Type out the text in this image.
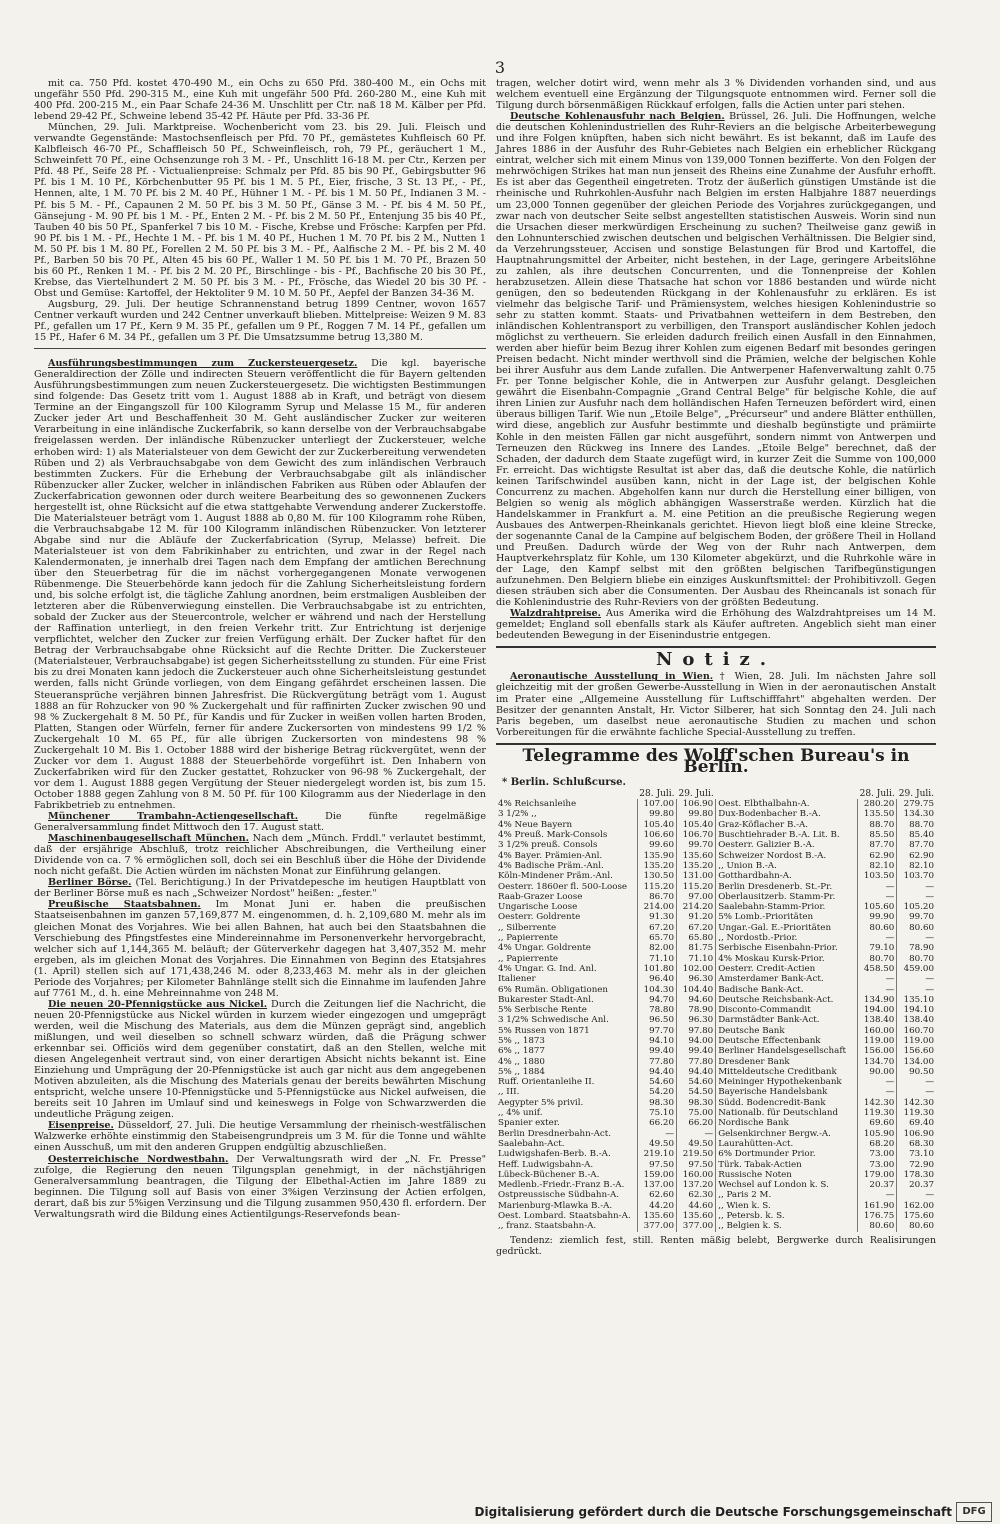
3

mit ca. 750 Pfd. kostet 470-490 M., ein Ochs zu 650 Pfd. 380-400 M., ein Ochs mit ungefähr 550 Pfd. 290-315 M., eine Kuh mit ungefähr 500 Pfd. 260-280 M., eine Kuh mit 400 Pfd. 200-215 M., ein Paar Schafe 24-36 M. Unschlitt per Ctr. naß 18 M. Kälber per Pfd. lebend 29-42 Pf., Schweine lebend 35-42 Pf. Häute per Pfd. 33-36 Pf.

München, 29. Juli. Marktpreise. Wochenbericht vom 23. bis 29. Juli. Fleisch und verwandte Gegenstände: Mastochsenfleisch per Pfd. 70 Pf., gemästetes Kuhfleisch 60 Pf. Kalbfleisch 46-70 Pf., Schaffleisch 50 Pf., Schweinfleisch, roh, 79 Pf., geräuchert 1 M., Schweinfett 70 Pf., eine Ochsenzunge roh 3 M. - Pf., Unschlitt 16-18 M. per Ctr., Kerzen per Pfd. 48 Pf., Seife 28 Pf. - Victualienpreise: Schmalz per Pfd. 85 bis 90 Pf., Gebirgsbutter 96 Pf. bis 1 M. 10 Pf., Körbchenbutter 95 Pf. bis 1 M. 5 Pf., Eier, frische, 3 St. 13 Pf., - Pf., Hennen, alte, 1 M. 70 Pf. bis 2 M. 40 Pf., Hühner 1 M. - Pf. bis 1 M. 50 Pf., Indianen 3 M. - Pf. bis 5 M. - Pf., Capaunen 2 M. 50 Pf. bis 3 M. 50 Pf., Gänse 3 M. - Pf. bis 4 M. 50 Pf., Gänsejung - M. 90 Pf. bis 1 M. - Pf., Enten 2 M. - Pf. bis 2 M. 50 Pf., Entenjung 35 bis 40 Pf., Tauben 40 bis 50 Pf., Spanferkel 7 bis 10 M. - Fische, Krebse und Frösche: Karpfen per Pfd. 90 Pf. bis 1 M. - Pf., Hechte 1 M. - Pf. bis 1 M. 40 Pf., Huchen 1 M. 70 Pf. bis 2 M., Nutten 1 M. 50 Pf. bis 1 M. 80 Pf., Forellen 2 M. 50 Pf. bis 3 M. - Pf., Aalfische 2 M. - Pf. bis 2 M. 40 Pf., Barben 50 bis 70 Pf., Alten 45 bis 60 Pf., Waller 1 M. 50 Pf. bis 1 M. 70 Pf., Brazen 50 bis 60 Pf., Renken 1 M. - Pf. bis 2 M. 20 Pf., Birschlinge - bis - Pf., Bachfische 20 bis 30 Pf., Krebse, das Viertelhundert 2 M. 50 Pf. bis 3 M. - Pf., Frösche, das Wiedel 20 bis 30 Pf. - Obst und Gemüse: Kartoffel, der Hektoliter 9 M. 10 M. 50 Pf., Aepfel der Banzen 34-36 M.

Augsburg, 29. Juli. Der heutige Schrannenstand betrug 1899 Centner, wovon 1657 Centner verkauft wurden und 242 Centner unverkauft blieben. Mittelpreise: Weizen 9 M. 83 Pf., gefallen um 17 Pf., Kern 9 M. 35 Pf., gefallen um 9 Pf., Roggen 7 M. 14 Pf., gefallen um 15 Pf., Hafer 6 M. 34 Pf., gefallen um 3 Pf. Die Umsatzsumme betrug 13,380 M.

Ausführungsbestimmungen zum Zuckersteuergesetz. Die kgl. bayerische Generaldirection der Zölle und indirecten Steuern veröffentlicht die für Bayern geltenden Ausführungsbestimmungen zum neuen Zuckersteuergesetz. Die wichtigsten Bestimmungen sind folgende: Das Gesetz tritt vom 1. August 1888 ab in Kraft, und beträgt von diesem Termine an der Eingangszoll für 100 Kilogramm Syrup und Melasse 15 M., für anderen Zucker jeder Art und Beschaffenheit 30 M. Geht ausländischer Zucker zur weiteren Verarbeitung in eine inländische Zuckerfabrik, so kann derselbe von der Verbrauchsabgabe freigelassen werden. Der inländische Rübenzucker unterliegt der Zuckersteuer, welche erhoben wird: 1) als Materialsteuer von dem Gewicht der zur Zuckerbereitung verwendeten Rüben und 2) als Verbrauchsabgabe von dem Gewicht des zum inländischen Verbrauch bestimmten Zuckers. Für die Erhebung der Verbrauchsabgabe gilt als inländischer Rübenzucker aller Zucker, welcher in inländischen Fabriken aus Rüben oder Ablaufen der Zuckerfabrication gewonnen oder durch weitere Bearbeitung des so gewonnenen Zuckers hergestellt ist, ohne Rücksicht auf die etwa stattgehabte Verwendung anderer Zuckerstoffe. Die Materialsteuer beträgt vom 1. August 1888 ab 0,80 M. für 100 Kilogramm rohe Rüben, die Verbrauchsabgabe 12 M. für 100 Kilogramm inländischen Rübenzucker. Von letzterer Abgabe sind nur die Abläufe der Zuckerfabrication (Syrup, Melasse) befreit. Die Materialsteuer ist von dem Fabrikinhaber zu entrichten, und zwar in der Regel nach Kalendermonaten, je innerhalb drei Tagen nach dem Empfang der amtlichen Berechnung über den Steuerbetrag für die im nächst vorhergegangenen Monate verwogenen Rübenmenge. Die Steuerbehörde kann jedoch für die Zahlung Sicherheitsleistung fordern und, bis solche erfolgt ist, die tägliche Zahlung anordnen, beim erstmaligen Ausbleiben der letzteren aber die Rübenverwiegung einstellen. Die Verbrauchsabgabe ist zu entrichten, sobald der Zucker aus der Steuercontrole, welcher er während und nach der Herstellung der Raffination unterliegt, in den freien Verkehr tritt. Zur Entrichtung ist derjenige verpflichtet, welcher den Zucker zur freien Verfügung erhält. Der Zucker haftet für den Betrag der Verbrauchsabgabe ohne Rücksicht auf die Rechte Dritter. Die Zuckersteuer (Materialsteuer, Verbrauchsabgabe) ist gegen Sicherheitsstellung zu stunden. Für eine Frist bis zu drei Monaten kann jedoch die Zuckersteuer auch ohne Sicherheitsleistung gestundet werden, falls nicht Gründe vorliegen, von dem Eingang gefährdet erscheinen lassen. Die Steueransprüche verjähren binnen Jahresfrist. Die Rückvergütung beträgt vom 1. August 1888 an für Rohzucker von 90 % Zuckergehalt und für raffinirten Zucker zwischen 90 und 98 % Zuckergehalt 8 M. 50 Pf., für Kandis und für Zucker in weißen vollen harten Broden, Platten, Stangen oder Würfeln, ferner für andere Zuckersorten von mindestens 99 1/2 % Zuckergehalt 10 M. 65 Pf., für alle übrigen Zuckersorten von mindestens 98 % Zuckergehalt 10 M. Bis 1. October 1888 wird der bisherige Betrag rückvergütet, wenn der Zucker vor dem 1. August 1888 der Steuerbehörde vorgeführt ist. Den Inhabern von Zuckerfabriken wird für den Zucker gestattet, Rohzucker von 96-98 % Zuckergehalt, der vor dem 1. August 1888 gegen Vergütung der Steuer niedergelegt worden ist, bis zum 15. October 1888 gegen Zahlung von 8 M. 50 Pf. für 100 Kilogramm aus der Niederlage in den Fabrikbetrieb zu entnehmen.

Münchener Trambahn-Actiengesellschaft.	Die fünfte regelmäßige Generalversammlung findet Mittwoch den 17. August statt.

Maschinenbaugesellschaft München. Nach dem „Münch. Frddl." verlautet bestimmt, daß der ersjährige Abschluß, trotz reichlicher Abschreibungen, die Vertheilung einer Dividende von ca. 7 % ermöglichen soll, doch sei ein Beschluß über die Höhe der Dividende noch nicht gefaßt. Die Actien würden im nächsten Monat zur Einführung gelangen.

Berliner Börse. (Tel. Berichtigung.) In der Privatdepesche im heutigen Hauptblatt von der Berliner Börse muß es nach „Schweizer Nordost" heißen: „fester."

Preußische Staatsbahnen. Im Monat Juni er. haben die preußischen Staatseisenbahnen im ganzen 57,169,877 M. eingenommen, d. h. 2,109,680 M. mehr als im gleichen Monat des Vorjahres. Wie bei allen Bahnen, hat auch bei den Staatsbahnen die Verschiebung des Pfingstfestes eine Mindereinnahme im Personenverkehr hervorgebracht, welcher sich auf 1,144,365 M. beläuft; der Güterverkehr dagegen hat 3,407,352 M. mehr ergeben, als im gleichen Monat des Vorjahres. Die Einnahmen von Beginn des Etatsjahres (1. April) stellen sich auf 171,438,246 M. oder 8,233,463 M. mehr als in der gleichen Periode des Vorjahres; per Kilometer Bahnlänge stellt sich die Einnahme im laufenden Jahre auf 7761 M., d. h. eine Mehreinnahme von 248 M.

Die neuen 20-Pfennigstücke aus Nickel. Durch die Zeitungen lief die Nachricht, die neuen 20-Pfennigstücke aus Nickel würden in kurzem wieder eingezogen und umgeprägt werden, weil die Mischung des Materials, aus dem die Münzen geprägt sind, angeblich mißlungen, und weil dieselben so schnell schwarz würden, daß die Prägung schwer erkennbar sei. Officiös wird dem gegenüber constatirt, daß an den Stellen, welche mit diesen Angelegenheit vertraut sind, von einer derartigen Absicht nichts bekannt ist. Eine Einziehung und Umprägung der 20-Pfennigstücke ist auch gar nicht aus dem angegebenen Motiven abzuleiten, als die Mischung des Materials genau der bereits bewährten Mischung entspricht, welche unsere 10-Pfennigstücke und 5-Pfennigstücke aus Nickel aufweisen, die bereits seit 10 Jahren im Umlauf sind und keineswegs in Folge von Schwarzwerden die undeutliche Prägung zeigen.

Eisenpreise. Düsseldorf, 27. Juli. Die heutige Versammlung der rheinisch-westfälischen Walzwerke erhöhte einstimmig den Stabeisengrundpreis um 3 M. für die Tonne und wählte einen Ausschuß, um mit den anderen Gruppen endgültig abzuschließen.

Oesterreichische Nordwestbahn. Der Verwaltungsrath wird der „N. Fr. Presse" zufolge, die Regierung den neuen Tilgungsplan genehmigt, in der nächstjährigen Generalversammlung beantragen, die Tilgung der Elbethal-Actien im Jahre 1889 zu beginnen. Die Tilgung soll auf Basis von einer 3%igen Verzinsung der Actien erfolgen, derart, daß bis zur 5%igen Verzinsung und die Tilgung zusammen 950,430 fl. erfordern. Der Verwaltungsrath wird die Bildung eines Actientilgungs-Reservefonds bean-

tragen, welcher dotirt wird, wenn mehr als 3 % Dividenden vorhanden sind, und aus welchem eventuell eine Ergänzung der Tilgungsquote entnommen wird. Ferner soll die Tilgung durch börsenmäßigen Rückkauf erfolgen, falls die Actien unter pari stehen.

Deutsche Kohlenausfuhr nach Belgien. Brüssel, 26. Juli. Die Hoffnungen, welche die deutschen Kohlenindustriellen des Ruhr-Reviers an die belgische Arbeiterbewegung und ihre Folgen knüpften, haben sich nicht bewährt. Es ist bekannt, daß im Laufe des Jahres 1886 in der Ausfuhr des Ruhr-Gebietes nach Belgien ein erheblicher Rückgang eintrat, welcher sich mit einem Minus von 139,000 Tonnen bezifferte. Von den Folgen der mehrwöchigen Strikes hat man nun jenseit des Rheins eine Zunahme der Ausfuhr erhofft. Es ist aber das Gegentheil eingetreten. Trotz der äußerlich günstigen Umstände ist die rheinische und Ruhrkohlen-Ausfuhr nach Belgien im ersten Halbjahre 1887 neuerdings um 23,000 Tonnen gegenüber der gleichen Periode des Vorjahres zurückgegangen, und zwar nach von deutscher Seite selbst angestellten statistischen Ausweis. Worin sind nun die Ursachen dieser merkwürdigen Erscheinung zu suchen? Theilweise ganz gewiß in den Lohnunterschied zwischen deutschen und belgischen Verhältnissen. Die Belgier sind, da Verzehrungssteuer, Accisen und sonstige Belastungen für Brod und Kartoffel, die Hauptnahrungsmittel der Arbeiter, nicht bestehen, in der Lage, geringere Arbeitslöhne zu zahlen, als ihre deutschen Concurrenten, und die Tonnenpreise der Kohlen herabzusetzen. Allein diese Thatsache hat schon vor 1886 bestanden und würde nicht genügen, den so bedeutenden Rückgang in der Kohlenausfuhr zu erklären. Es ist vielmehr das belgische Tarif- und Prämiensystem, welches hiesigen Kohlenindustrie so sehr zu statten kommt. Staats- und Privatbahnen wetteifern in dem Bestreben, den inländischen Kohlentransport zu verbilligen, den Transport ausländischer Kohlen jedoch möglichst zu vertheuern. Sie erleiden dadurch freilich einen Ausfall in den Einnahmen, werden aber hiefür beim Bezug ihrer Kohlen zum eigenen Bedarf mit besondes geringen Preisen bedacht. Nicht minder werthvoll sind die Prämien, welche der belgischen Kohle bei ihrer Ausfuhr aus dem Lande zufallen. Die Antwerpener Hafenverwaltung zahlt 0.75 Fr. per Tonne belgischer Kohle, die in Antwerpen zur Ausfuhr gelangt. Desgleichen gewährt die Eisenbahn-Compagnie „Grand Central Belge" für belgische Kohle, die auf ihren Linien zur Ausfuhr nach dem holländischen Hafen Terneuzen befördert wird, einen überaus billigen Tarif. Wie nun „Etoile Belge", „Précurseur" und andere Blätter enthüllen, wird diese, angeblich zur Ausfuhr bestimmte und dieshalb begünstigte und prämiirte Kohle in den meisten Fällen gar nicht ausgeführt, sondern nimmt von Antwerpen und Terneuzen den Rückweg ins Innere des Landes. „Etoile Belge" berechnet, daß der Schaden, der dadurch dem Staate zugefügt wird, in kurzer Zeit die Summe von 100,000 Fr. erreicht. Das wichtigste Resultat ist aber das, daß die deutsche Kohle, die natürlich keinen Tarifschwindel ausüben kann, nicht in der Lage ist, der belgischen Kohle Concurrenz zu machen. Abgeholfen kann nur durch die Herstellung einer billigen, von Belgien so wenig als möglich abhängigen Wasserstraße werden. Kürzlich hat die Handelskammer in Frankfurt a. M. eine Petition an die preußische Regierung wegen Ausbaues des Antwerpen-Rheinkanals gerichtet. Hievon liegt bloß eine kleine Strecke, der sogenannte Canal de la Campine auf belgischem Boden, der größere Theil in Holland und Preußen. Dadurch würde der Weg von der Ruhr nach Antwerpen, dem Hauptverkehrsplatz für Kohle, um 130 Kilometer abgekürzt, und die Ruhrkohle wäre in der Lage, den Kampf selbst mit den größten belgischen Tarifbegünstigungen aufzunehmen. Den Belgiern bliebe ein einziges Auskunftsmittel: der Prohibitivzoll. Gegen diesen sträuben sich aber die Consumenten. Der Ausbau des Rheincanals ist sonach für die Kohlenindustrie des Ruhr-Reviers von der größten Bedeutung.

Walzdrahtpreise. Aus Amerika wird die Erhöhung des Walzdrahtpreises um 14 M. gemeldet; England soll ebenfalls stark als Käufer auftreten. Angeblich sieht man einer bedeutenden Bewegung in der Eisenindustrie entgegen.

Notiz.

Aeronautische Ausstellung in Wien. † Wien, 28. Juli. Im nächsten Jahre soll gleichzeitig mit der großen Gewerbe-Ausstellung in Wien in der aeronautischen Anstalt im Prater eine „Allgemeine Ausstellung für Luftschifffahrt" abgehalten werden. Der Besitzer der genannten Anstalt, Hr. Victor Silberer, hat sich Sonntag den 24. Juli nach Paris begeben, um daselbst neue aeronautische Studien zu machen und schon Vorbereitungen für die erwähnte fachliche Special-Ausstellung zu treffen.

Telegramme des Wolff'schen Bureau's in Berlin.
* Berlin. Schlußcurse.
	28. Juli.	29. Juli.		28. Juli.	29. Juli.
4% Reichsanleihe	107.00	106.90	Oest. Elbthalbahn-A.	280.20	279.75
3 1/2% ,,	99.80	99.80	Dux-Bodenbacher B.-A.	135.50	134.30
4% Neue Bayern	105.40	105.40	Graz-Köflacher B.-A.	88.70	88.70
4% Preuß. Mark-Consols	106.60	106.70	Buschtiehrader B.-A. Lit. B.	85.50	85.40
3 1/2% preuß. Consols	99.60	99.70	Oesterr. Galizier B.-A.	87.70	87.70
4% Bayer. Prämien-Anl.	135.90	135.60	Schweizer Nordost B.-A.	62.90	62.90
4% Badische Präm.-Anl.	135.20	135.20	,, Union B.-A.	82.10	82.10
Köln-Mindener Präm.-Anl.	130.50	131.00	Gotthardbahn-A.	103.50	103.70
Oesterr. 1860er fl. 500-Loose	115.20	115.20	Berlin Dresdenerb. St.-Pr.	—	—
Raab-Grazer Loose	86.70	97.00	Oberlausitzerb. Stamm-Pr.	—	—
Ungarische Loose	214.00	214.20	Saalebahn-Stamm-Prior.	105.60	105.20
Oesterr. Goldrente	91.30	91.20	5% Lomb.-Prioritäten	99.90	99.70
,, Silberrente	67.20	67.20	Ungar.-Gal. E.-Prioritäten	80.60	80.60
,, Papierrente	65.70	65.80	,, Nordostb.-Prior.	—	—
4% Ungar. Goldrente	82.00	81.75	Serbische Eisenbahn-Prior.	79.10	78.90
,, Papierrente	71.10	71.10	4% Moskau Kursk-Prior.	80.70	80.70
4% Ungar. G. Ind. Anl.	101.80	102.00	Oesterr. Credit-Actien	458.50	459.00
Italiener	96.40	96.30	Amsterdamer Bank-Act.	—	—
6% Rumän. Obligationen	104.30	104.40	Badische Bank-Act.	—	—
Bukarester Stadt-Anl.	94.70	94.60	Deutsche Reichsbank-Act.	134.90	135.10
5% Serbische Rente	78.80	78.90	Disconto-Commandit	194.00	194.10
3 1/2% Schwedische Anl.	96.50	96.30	Darmstädter Bank-Act.	138.40	138.40
5% Russen von 1871	97.70	97.80	Deutsche Bank	160.00	160.70
5% ,, 1873	94.10	94.00	Deutsche Effectenbank	119.00	119.00
6% ,, 1877	99.40	99.40	Berliner Handelsgesellschaft	156.00	156.60
4% ,, 1880	77.80	77.80	Dresdener Bank	134.70	134.00
5% ,, 1884	94.40	94.40	Mitteldeutsche Creditbank	90.00	90.50
Ruff. Orientanleihe II.	54.60	54.60	Meininger Hypothekenbank	—	—
,, III.	54.20	54.50	Bayerische Handelsbank	—	—
Aegypter 5% privil.	98.30	98.30	Südd. Bodencredit-Bank	142.30	142.30
,, 4% unif.	75.10	75.00	Nationalb. für Deutschland	119.30	119.30
Spanier exter.	66.20	66.20	Nordische Bank	69.60	69.40
Berlin Dresdnerbahn-Act.	—	—	Gelsenkirchner Bergw.-A.	105.90	106.90
Saalebahn-Act.	49.50	49.50	Laurahütten-Act.	68.20	68.30
Ludwigshafen-Berb. B.-A.	219.10	219.50	6% Dortmunder Prior.	73.00	73.10
Heff. Ludwigsbahn-A.	97.50	97.50	Türk. Tabak-Actien	73.00	72.90
Lübeck-Büchener B.-A.	159.00	160.00	Russische Noten	179.00	178.30
Medlenb.-Friedr.-Franz B.-A.	137.00	137.20	Wechsel auf London k. S.	20.37	20.37
Ostpreussische Südbahn-A.	62.60	62.30	,, Paris 2 M.	—	—
Marienburg-Mlawka B.-A.	44.20	44.60	,, Wien k. S.	161.90	162.00
Oest. Lombard. Staatsbahn-A.	135.60	135.60	,, Petersb. k. S.	176.75	175.60
,, franz. Staatsbahn-A.	377.00	377.00	,, Belgien k. S.	80.60	80.60
Tendenz: ziemlich fest, still. Renten mäßig belebt, Bergwerke durch Realisirungen gedrückt.
Digitalisierung gefördert durch die Deutsche Forschungsgemeinschaft	DFG
